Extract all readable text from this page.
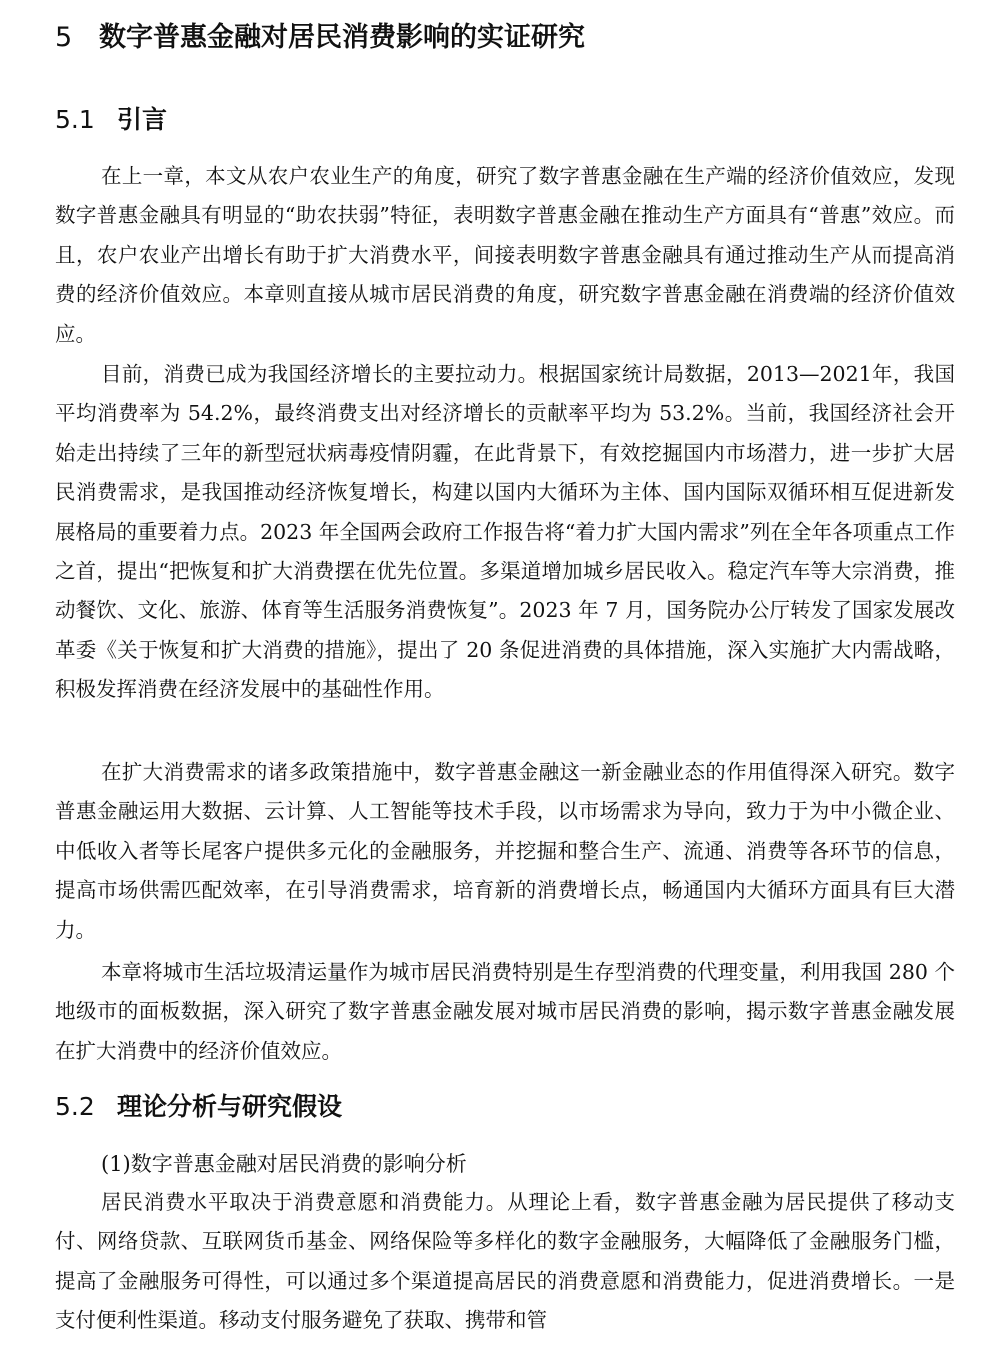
5 数字普惠金融对居民消费影响的实证研究
5.1 引言

在上一章，本文从农户农业生产的角度，研究了数字普惠金融在生产端的经济价值效应，发现数字普惠金融具有明显的“助农扶弱”特征，表明数字普惠金融在推动生产方面具有“普惠”效应。而且，农户农业产出增长有助于扩大消费水平，间接表明数字普惠金融具有通过推动生产从而提高消费的经济价值效应。本章则直接从城市居民消费的角度，研究数字普惠金融在消费端的经济价值效应。

目前，消费已成为我国经济增长的主要拉动力。根据国家统计局数据，2013—2021年，我国平均消费率为 54.2%，最终消费支出对经济增长的贡献率平均为 53.2%。当前，我国经济社会开始走出持续了三年的新型冠状病毒疫情阴霾，在此背景下，有效挖掘国内市场潜力，进一步扩大居民消费需求，是我国推动经济恢复增长，构建以国内大循环为主体、国内国际双循环相互促进新发展格局的重要着力点。2023 年全国两会政府工作报告将“着力扩大国内需求”列在全年各项重点工作之首，提出“把恢复和扩大消费摆在优先位置。多渠道增加城乡居民收入。稳定汽车等大宗消费，推动餐饮、文化、旅游、体育等生活服务消费恢复”。2023 年 7 月，国务院办公厅转发了国家发展改革委《关于恢复和扩大消费的措施》，提出了 20 条促进消费的具体措施，深入实施扩大内需战略，积极发挥消费在经济发展中的基础性作用。

在扩大消费需求的诸多政策措施中，数字普惠金融这一新金融业态的作用值得深入研究。数字普惠金融运用大数据、云计算、人工智能等技术手段，以市场需求为导向，致力于为中小微企业、中低收入者等长尾客户提供多元化的金融服务，并挖掘和整合生产、流通、消费等各环节的信息，提高市场供需匹配效率，在引导消费需求，培育新的消费增长点，畅通国内大循环方面具有巨大潜力。

本章将城市生活垃圾清运量作为城市居民消费特别是生存型消费的代理变量，利用我国 280 个地级市的面板数据，深入研究了数字普惠金融发展对城市居民消费的影响，揭示数字普惠金融发展在扩大消费中的经济价值效应。

5.2 理论分析与研究假设
(1)数字普惠金融对居民消费的影响分析

居民消费水平取决于消费意愿和消费能力。从理论上看，数字普惠金融为居民提供了移动支付、网络贷款、互联网货币基金、网络保险等多样化的数字金融服务，大幅降低了金融服务门槛，提高了金融服务可得性，可以通过多个渠道提高居民的消费意愿和消费能力，促进消费增长。一是支付便利性渠道。移动支付服务避免了获取、携带和管
